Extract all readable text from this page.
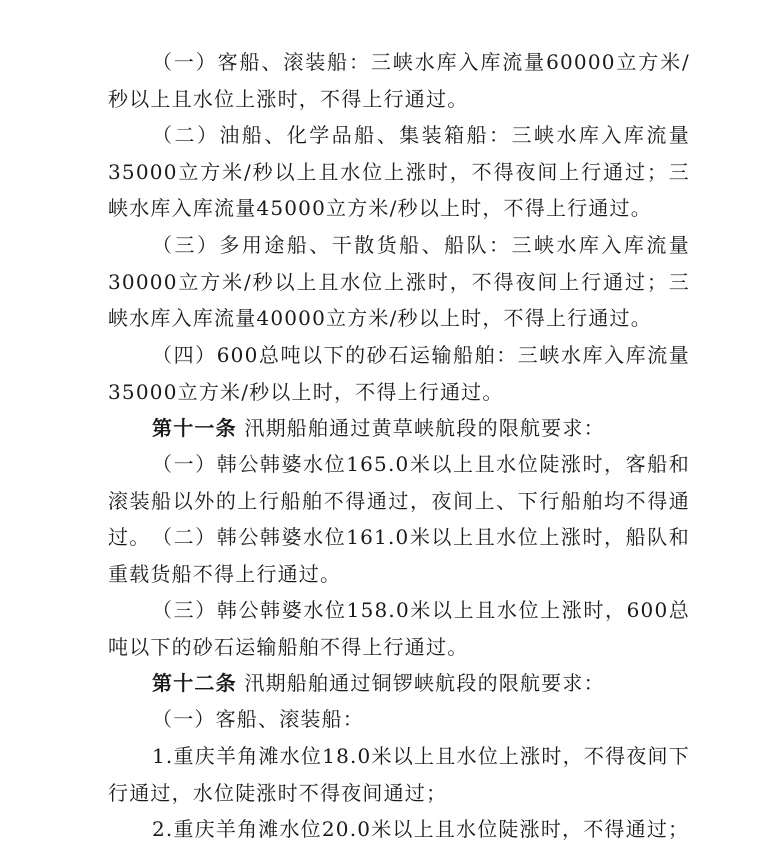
（一）客船、滚装船：三峡水库入库流量60000立方米/秒以上且水位上涨时，不得上行通过。

（二）油船、化学品船、集装箱船：三峡水库入库流量35000立方米/秒以上且水位上涨时，不得夜间上行通过；三峡水库入库流量45000立方米/秒以上时，不得上行通过。

（三）多用途船、干散货船、船队：三峡水库入库流量30000立方米/秒以上且水位上涨时，不得夜间上行通过；三峡水库入库流量40000立方米/秒以上时，不得上行通过。

（四）600总吨以下的砂石运输船舶：三峡水库入库流量35000立方米/秒以上时，不得上行通过。

第十一条 汛期船舶通过黄草峡航段的限航要求：

（一）韩公韩婆水位165.0米以上且水位陡涨时，客船和滚装船以外的上行船舶不得通过，夜间上、下行船舶均不得通过。 （二）韩公韩婆水位161.0米以上且水位上涨时，船队和重载货船不得上行通过。

（三）韩公韩婆水位158.0米以上且水位上涨时，600总吨以下的砂石运输船舶不得上行通过。

第十二条 汛期船舶通过铜锣峡航段的限航要求：

（一）客船、滚装船：

1.重庆羊角滩水位18.0米以上且水位上涨时，不得夜间下行通过，水位陡涨时不得夜间通过；

2.重庆羊角滩水位20.0米以上且水位陡涨时，不得通过；
